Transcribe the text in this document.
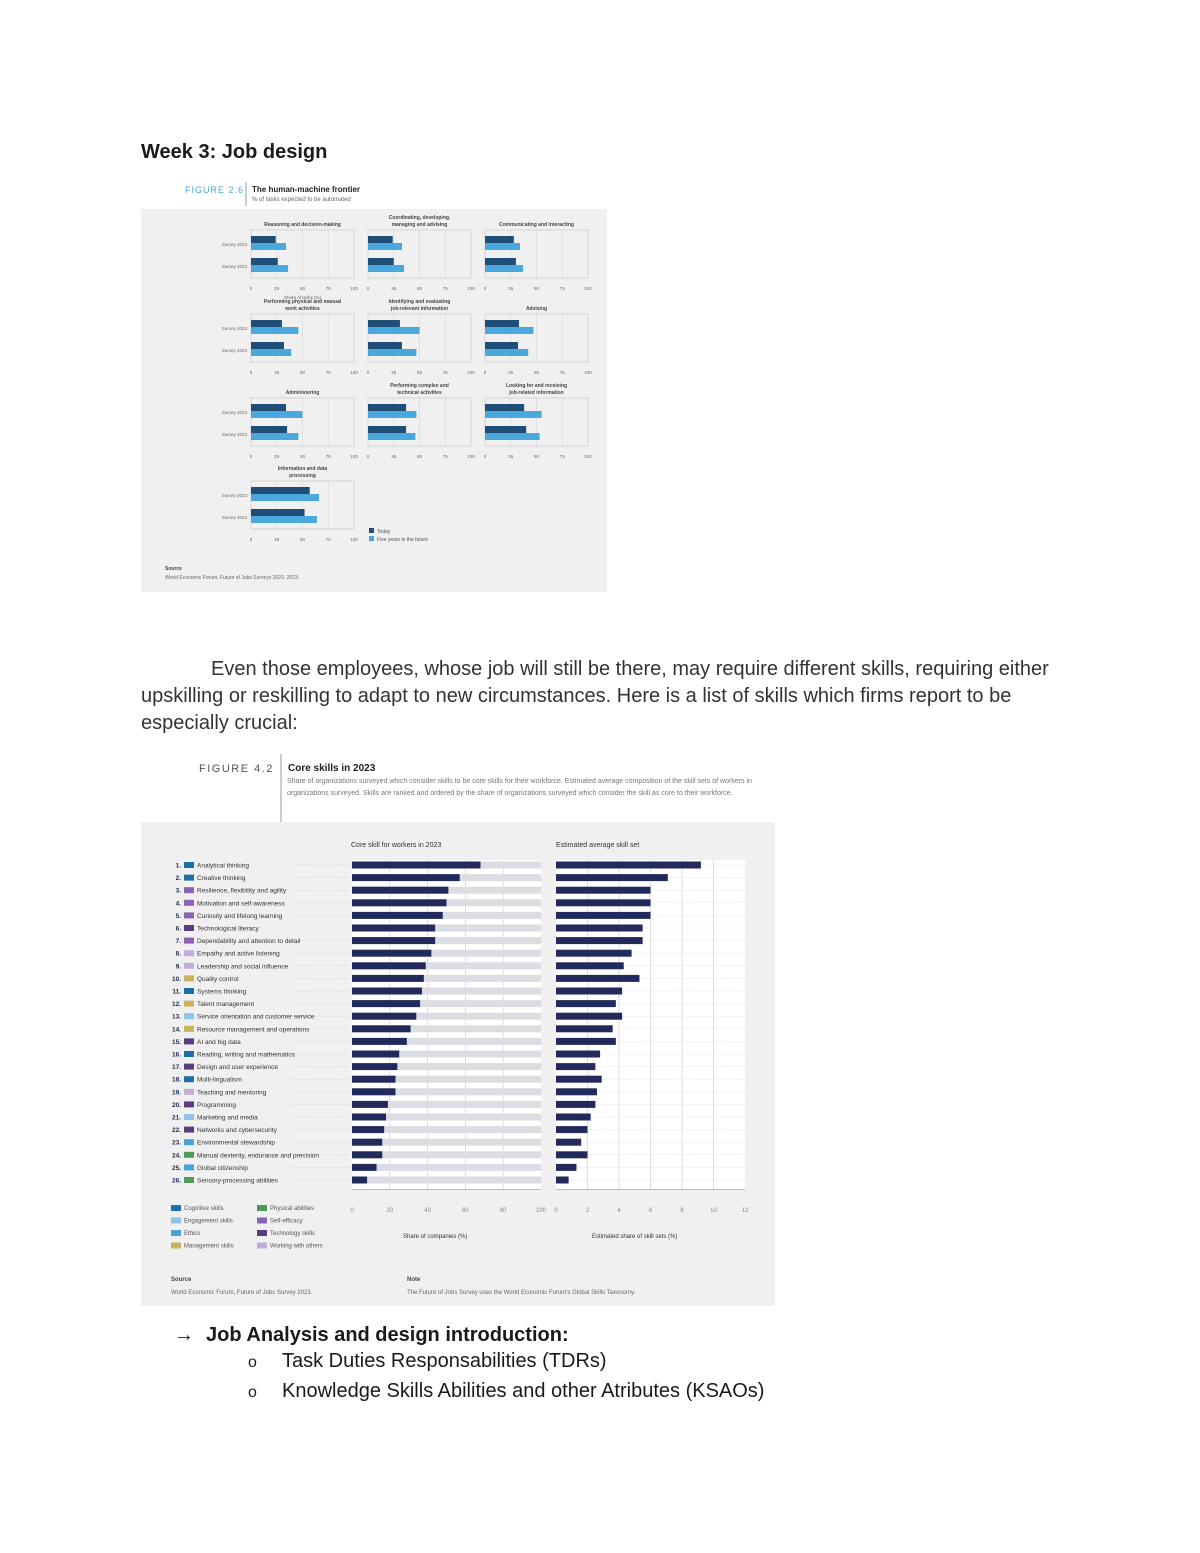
Week 3: Job design
FIGURE 2.6 The human-machine frontier
% of tasks expected to be automated
Reasoning and decision-making
Survey 2023
Survey 2023
0	25	50	75	100
Share of tasks (%)
Coordinating, developing,
managing and advising
0	25	50	75	100
Communicating and interacting
0	25	50	75	100
Performing physical and manual
work activities
Survey 2023
Survey 2023
0	25	50	75	100
Identifying and evaluating
job-relevant information
0	25	50	75	100
Advising
0	25	50	75	100
Administering
Survey 2023
Survey 2023
0	25	50	75	100
Performing complex and
technical activities
0	25	50	75	100
Looking for and receiving
job-related information
0	25	50	75	100
Information and data
processing
Survey 2023
Survey 2023
0	25	50	75	100
Today
Five years in the future
Source
World Economic Forum, Future of Jobs Surveys 2020, 2023.

Even those employees, whose job will still be there, may require different skills, requiring either upskilling or reskilling to adapt to new circumstances. Here is a list of skills which firms report to be especially crucial:

FIGURE 4.2 Core skills in 2023
Share of organizations surveyed which consider skills to be core skills for their workforce. Estimated average composition of the skill sets of workers in organizations surveyed. Skills are ranked and ordered by the share of organizations surveyed which consider the skill as core to their workforce.
Core skill for workers in 2023	Estimated average skill set
1. Analytical thinking
2. Creative thinking
3. Resilience, flexibility and agility
4. Motivation and self-awareness
5. Curiosity and lifelong learning
6. Technological literacy
7. Dependability and attention to detail
8. Empathy and active listening
9. Leadership and social influence
10. Quality control
11. Systems thinking
12. Talent management
13. Service orientation and customer service
14. Resource management and operations
15. AI and big data
16. Reading, writing and mathematics
17. Design and user experience
18. Multi-lingualism
19. Teaching and mentoring
20. Programming
21. Marketing and media
22. Networks and cybersecurity
23. Environmental stewardship
24. Manual dexterity, endurance and precision
25. Global citizenship
26. Sensory-processing abilities
0	20	40	60	80	100 0	2	4	6	8	10	12
Share of companies (%)	Estimated share of skill sets (%)
Cognitive skills
Engagement skills
Ethics
Management skills
Physical abilities
Self-efficacy
Technology skills
Working with others
Source
World Economic Forum, Future of Jobs Survey 2023.
Note
The Future of Jobs Survey uses the World Economic Forum's Global Skills Taxonomy.
→ Job Analysis and design introduction:
o Task Duties Responsabilities (TDRs)
o Knowledge Skills Abilities and other Atributes (KSAOs)
